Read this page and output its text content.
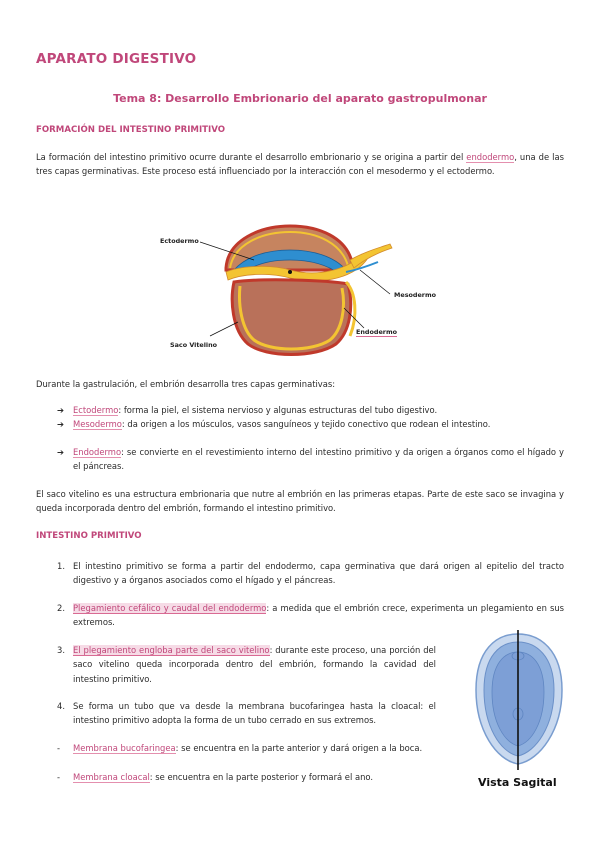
APARATO DIGESTIVO
Tema 8: Desarrollo Embrionario del aparato gastropulmonar
FORMACIÓN DEL INTESTINO PRIMITIVO
La formación del intestino primitivo ocurre durante el desarrollo embrionario y se origina a partir del endodermo, una de las tres capas germinativas. Este proceso está influenciado por la interacción con el mesodermo y el ectodermo.
Ectodermo
Mesodermo
Endodermo
Saco Vitelino
Durante la gastrulación, el embrión desarrolla tres capas germinativas:
➔ Ectodermo: forma la piel, el sistema nervioso y algunas estructuras del tubo digestivo.
➔ Mesodermo: da origen a los músculos, vasos sanguíneos y tejido conectivo que rodean el intestino.
➔ Endodermo: se convierte en el revestimiento interno del intestino primitivo y da origen a órganos como el hígado y el páncreas.
El saco vitelino es una estructura embrionaria que nutre al embrión en las primeras etapas. Parte de este saco se invagina y queda incorporada dentro del embrión, formando el intestino primitivo.
INTESTINO PRIMITIVO
1. El intestino primitivo se forma a partir del endodermo, capa germinativa que dará origen al epitelio del tracto digestivo y a órganos asociados como el hígado y el páncreas.
2. Plegamiento cefálico y caudal del endodermo: a medida que el embrión crece, experimenta un plegamiento en sus extremos.
3. El plegamiento engloba parte del saco vitelino: durante este proceso, una porción del saco vitelino queda incorporada dentro del embrión, formando la cavidad del intestino primitivo.
4. Se forma un tubo que va desde la membrana bucofaringea hasta la cloacal: el intestino primitivo adopta la forma de un tubo cerrado en sus extremos.
- Membrana bucofaringea: se encuentra en la parte anterior y dará origen a la boca.
- Membrana cloacal: se encuentra en la parte posterior y formará el ano.	Vista Sagital
